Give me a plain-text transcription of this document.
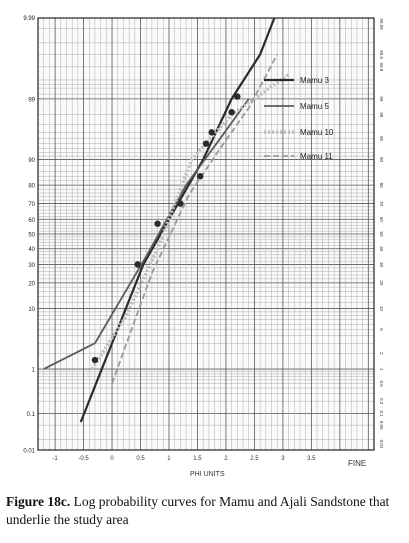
0.01
0.1
1
10
20
30
40
50
60
70
80
90
99
9.99	99.99
99.9
99.8
99
98
95
90
80
70
60
50
40
30
20
10
5
2
1
0.5
0.2
0.1
0.05
0.01
-1	-0.5	0	0.5	1	1.5	2	2.5	3	3.5
Mamu 3
Mamu 5
Mamu 10
Mamu 11
PHI UNITS
FINE
Figure 18c. Log probability curves for Mamu and Ajali Sandstone that underlie the study area
